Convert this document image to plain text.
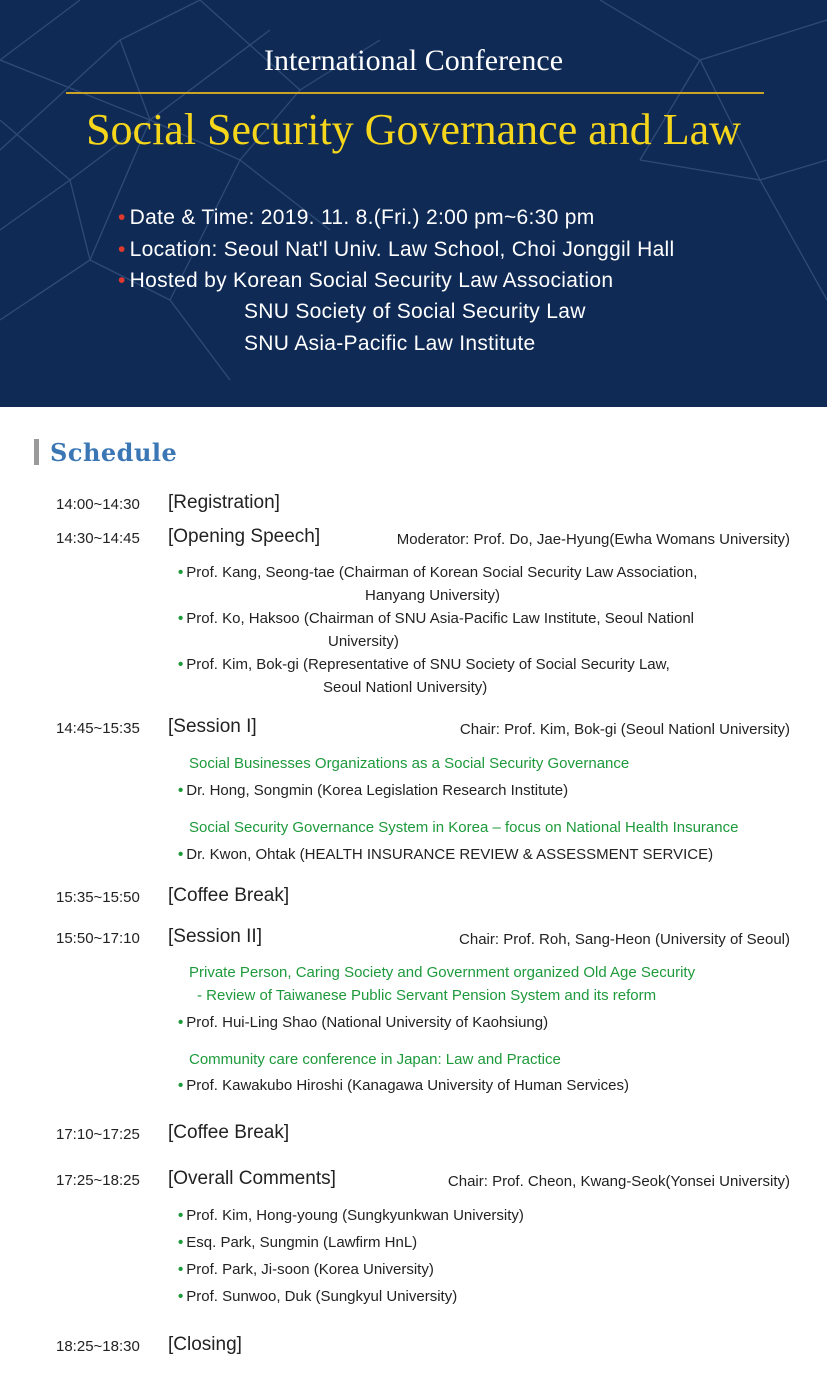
International Conference
Social Security Governance and Law
• Date & Time: 2019. 11. 8.(Fri.) 2:00 pm~6:30 pm
• Location: Seoul Nat'l Univ. Law School, Choi Jonggil Hall
• Hosted by Korean Social Security Law Association
SNU Society of Social Security Law
SNU Asia-Pacific Law Institute
Schedule
14:00~14:30 [Registration]
14:30~14:45 [Opening Speech]	Moderator: Prof. Do, Jae-Hyung(Ewha Womans University)
• Prof. Kang, Seong-tae (Chairman of Korean Social Security Law Association,
Hanyang University)
• Prof. Ko, Haksoo (Chairman of SNU Asia-Pacific Law Institute, Seoul Nationl
University)
• Prof. Kim, Bok-gi (Representative of SNU Society of Social Security Law,
Seoul Nationl University)
14:45~15:35 [Session I]	Chair: Prof. Kim, Bok-gi (Seoul Nationl University)
Social Businesses Organizations as a Social Security Governance
• Dr. Hong, Songmin (Korea Legislation Research Institute)
Social Security Governance System in Korea – focus on National Health Insurance
• Dr. Kwon, Ohtak (HEALTH INSURANCE REVIEW & ASSESSMENT SERVICE)
15:35~15:50 [Coffee Break]
15:50~17:10 [Session II]	Chair: Prof. Roh, Sang-Heon (University of Seoul)
Private Person, Caring Society and Government organized Old Age Security
- Review of Taiwanese Public Servant Pension System and its reform
• Prof. Hui-Ling Shao (National University of Kaohsiung)
Community care conference in Japan: Law and Practice
• Prof. Kawakubo Hiroshi (Kanagawa University of Human Services)
17:10~17:25 [Coffee Break]
17:25~18:25 [Overall Comments]	Chair: Prof. Cheon, Kwang-Seok(Yonsei University)
• Prof. Kim, Hong-young (Sungkyunkwan University)
• Esq. Park, Sungmin (Lawfirm HnL)
• Prof. Park, Ji-soon (Korea University)
• Prof. Sunwoo, Duk (Sungkyul University)
18:25~18:30 [Closing]
